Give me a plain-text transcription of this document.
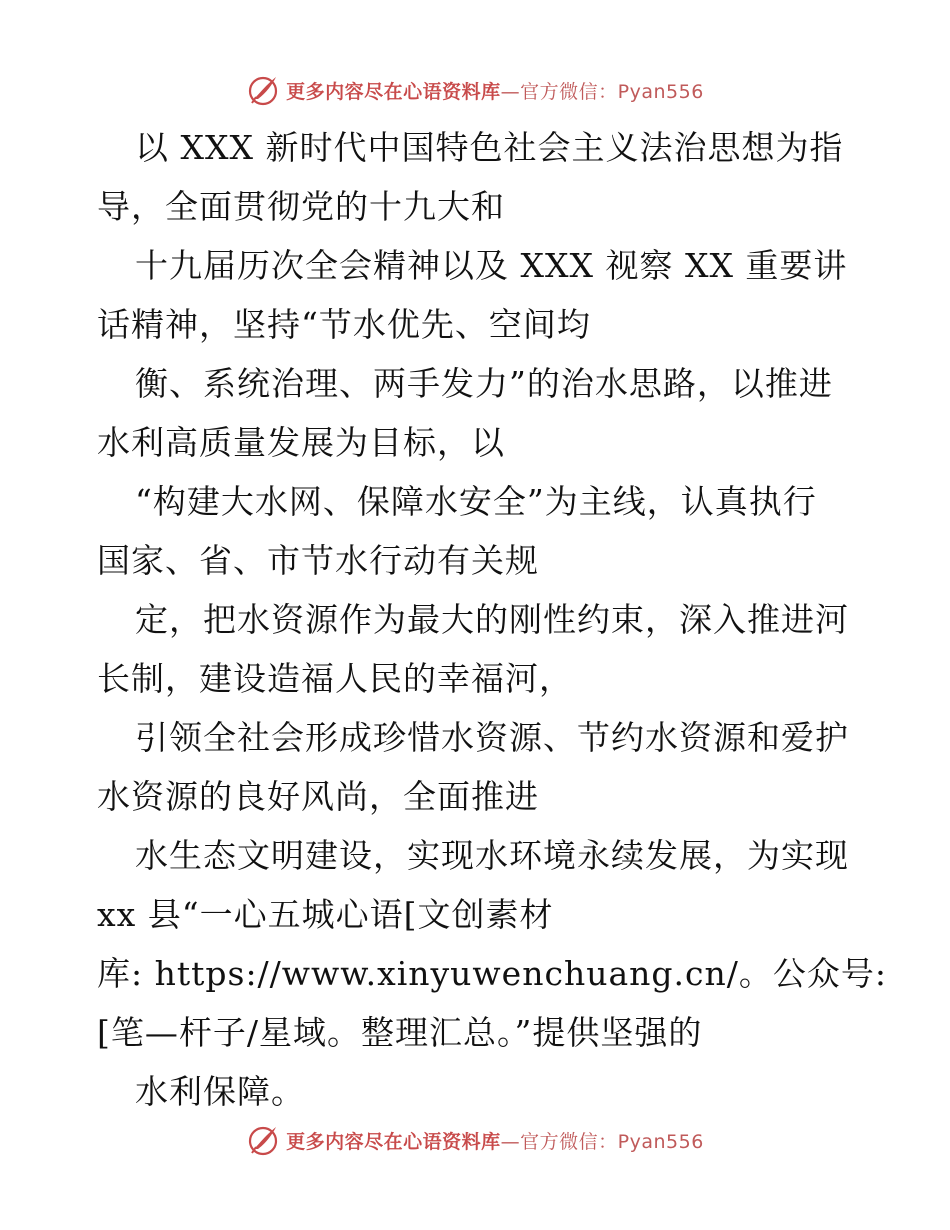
更多内容尽在心语资料库—官方微信：Pyan556
以 XXX 新时代中国特色社会主义法治思想为指
导，全面贯彻党的十九大和
十九届历次全会精神以及 XXX 视察 XX 重要讲
话精神，坚持“节水优先、空间均
衡、系统治理、两手发力”的治水思路，以推进
水利高质量发展为目标，以
“构建大水网、保障水安全”为主线，认真执行
国家、省、市节水行动有关规
定，把水资源作为最大的刚性约束，深入推进河
长制，建设造福人民的幸福河，
引领全社会形成珍惜水资源、节约水资源和爱护
水资源的良好风尚，全面推进
水生态文明建设，实现水环境永续发展，为实现
xx 县“一心五城心语[文创素材
库: https://www.xinyuwenchuang.cn/。公众号:
[笔—杆子/星域。整理汇总。”提供坚强的
水利保障。
更多内容尽在心语资料库—官方微信：Pyan556
